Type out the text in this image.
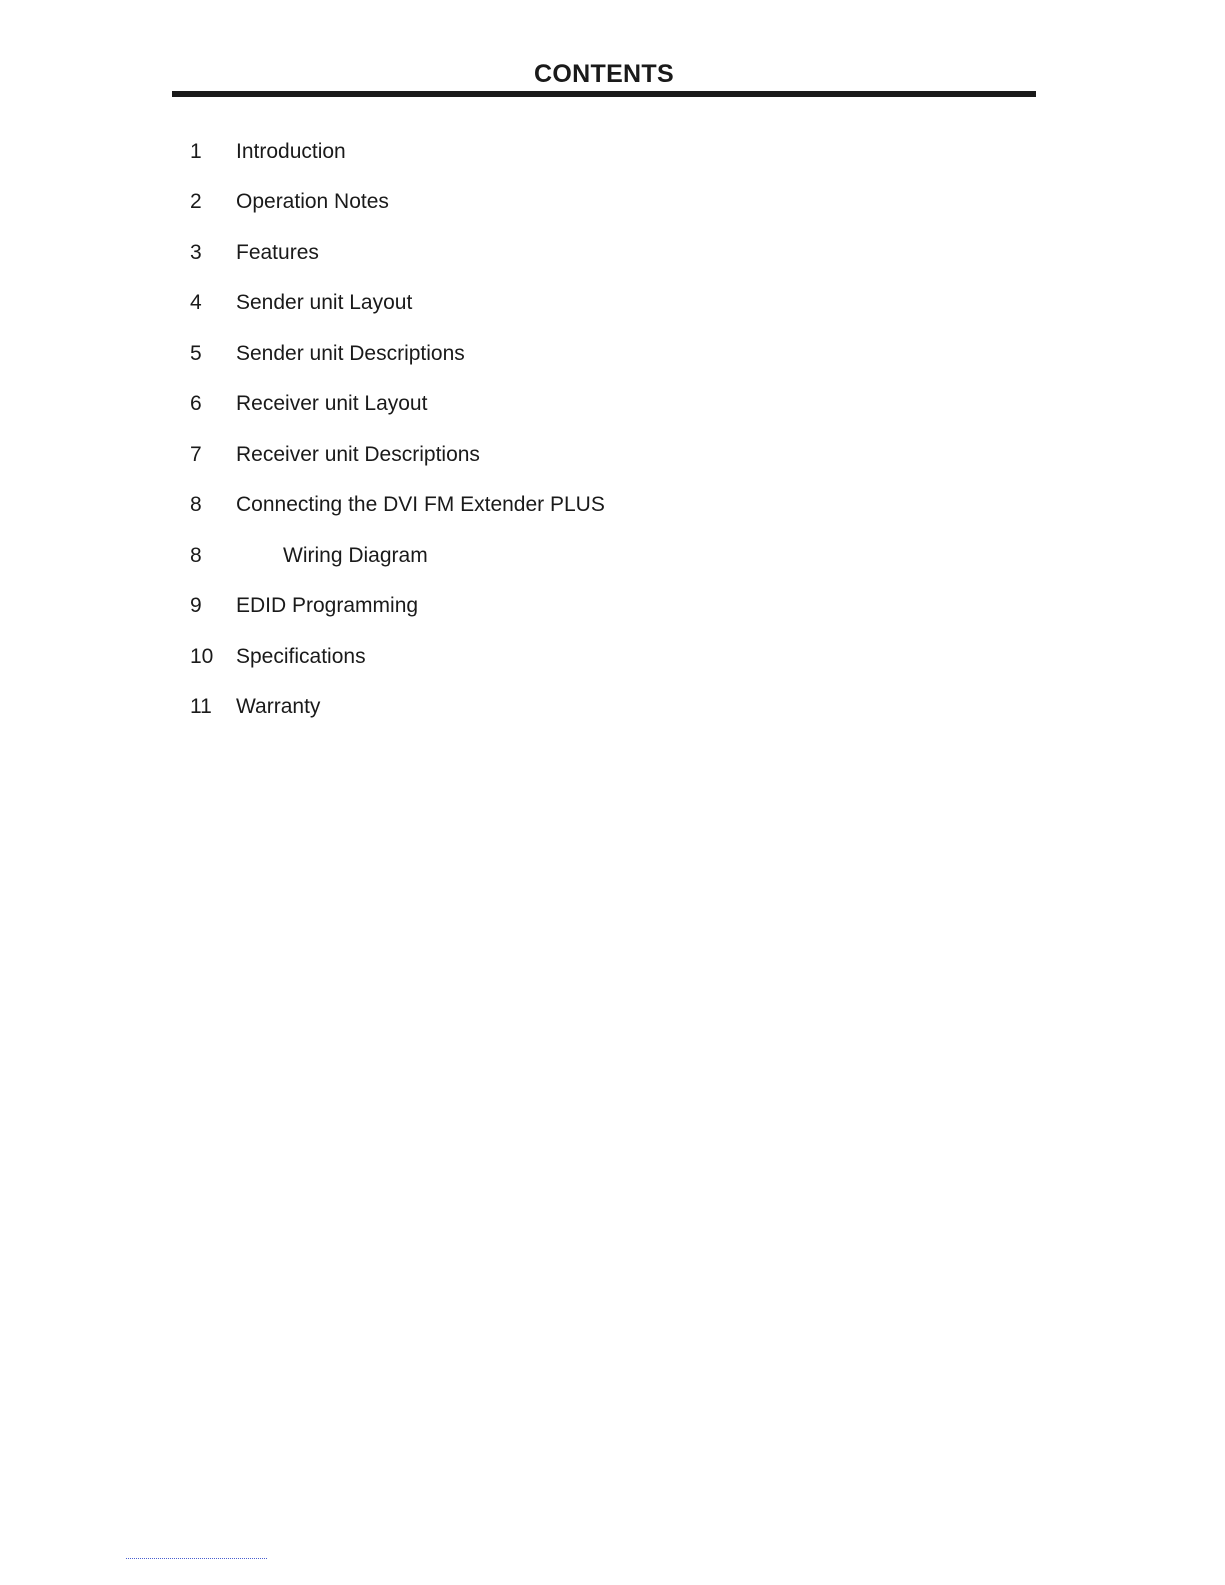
CONTENTS
1 Introduction
2 Operation Notes
3 Features
4 Sender unit Layout
5 Sender unit Descriptions
6 Receiver unit Layout
7 Receiver unit Descriptions
8 Connecting the DVI FM Extender PLUS
8	Wiring Diagram
9 EDID Programming
10 Specifications
11 Warranty
